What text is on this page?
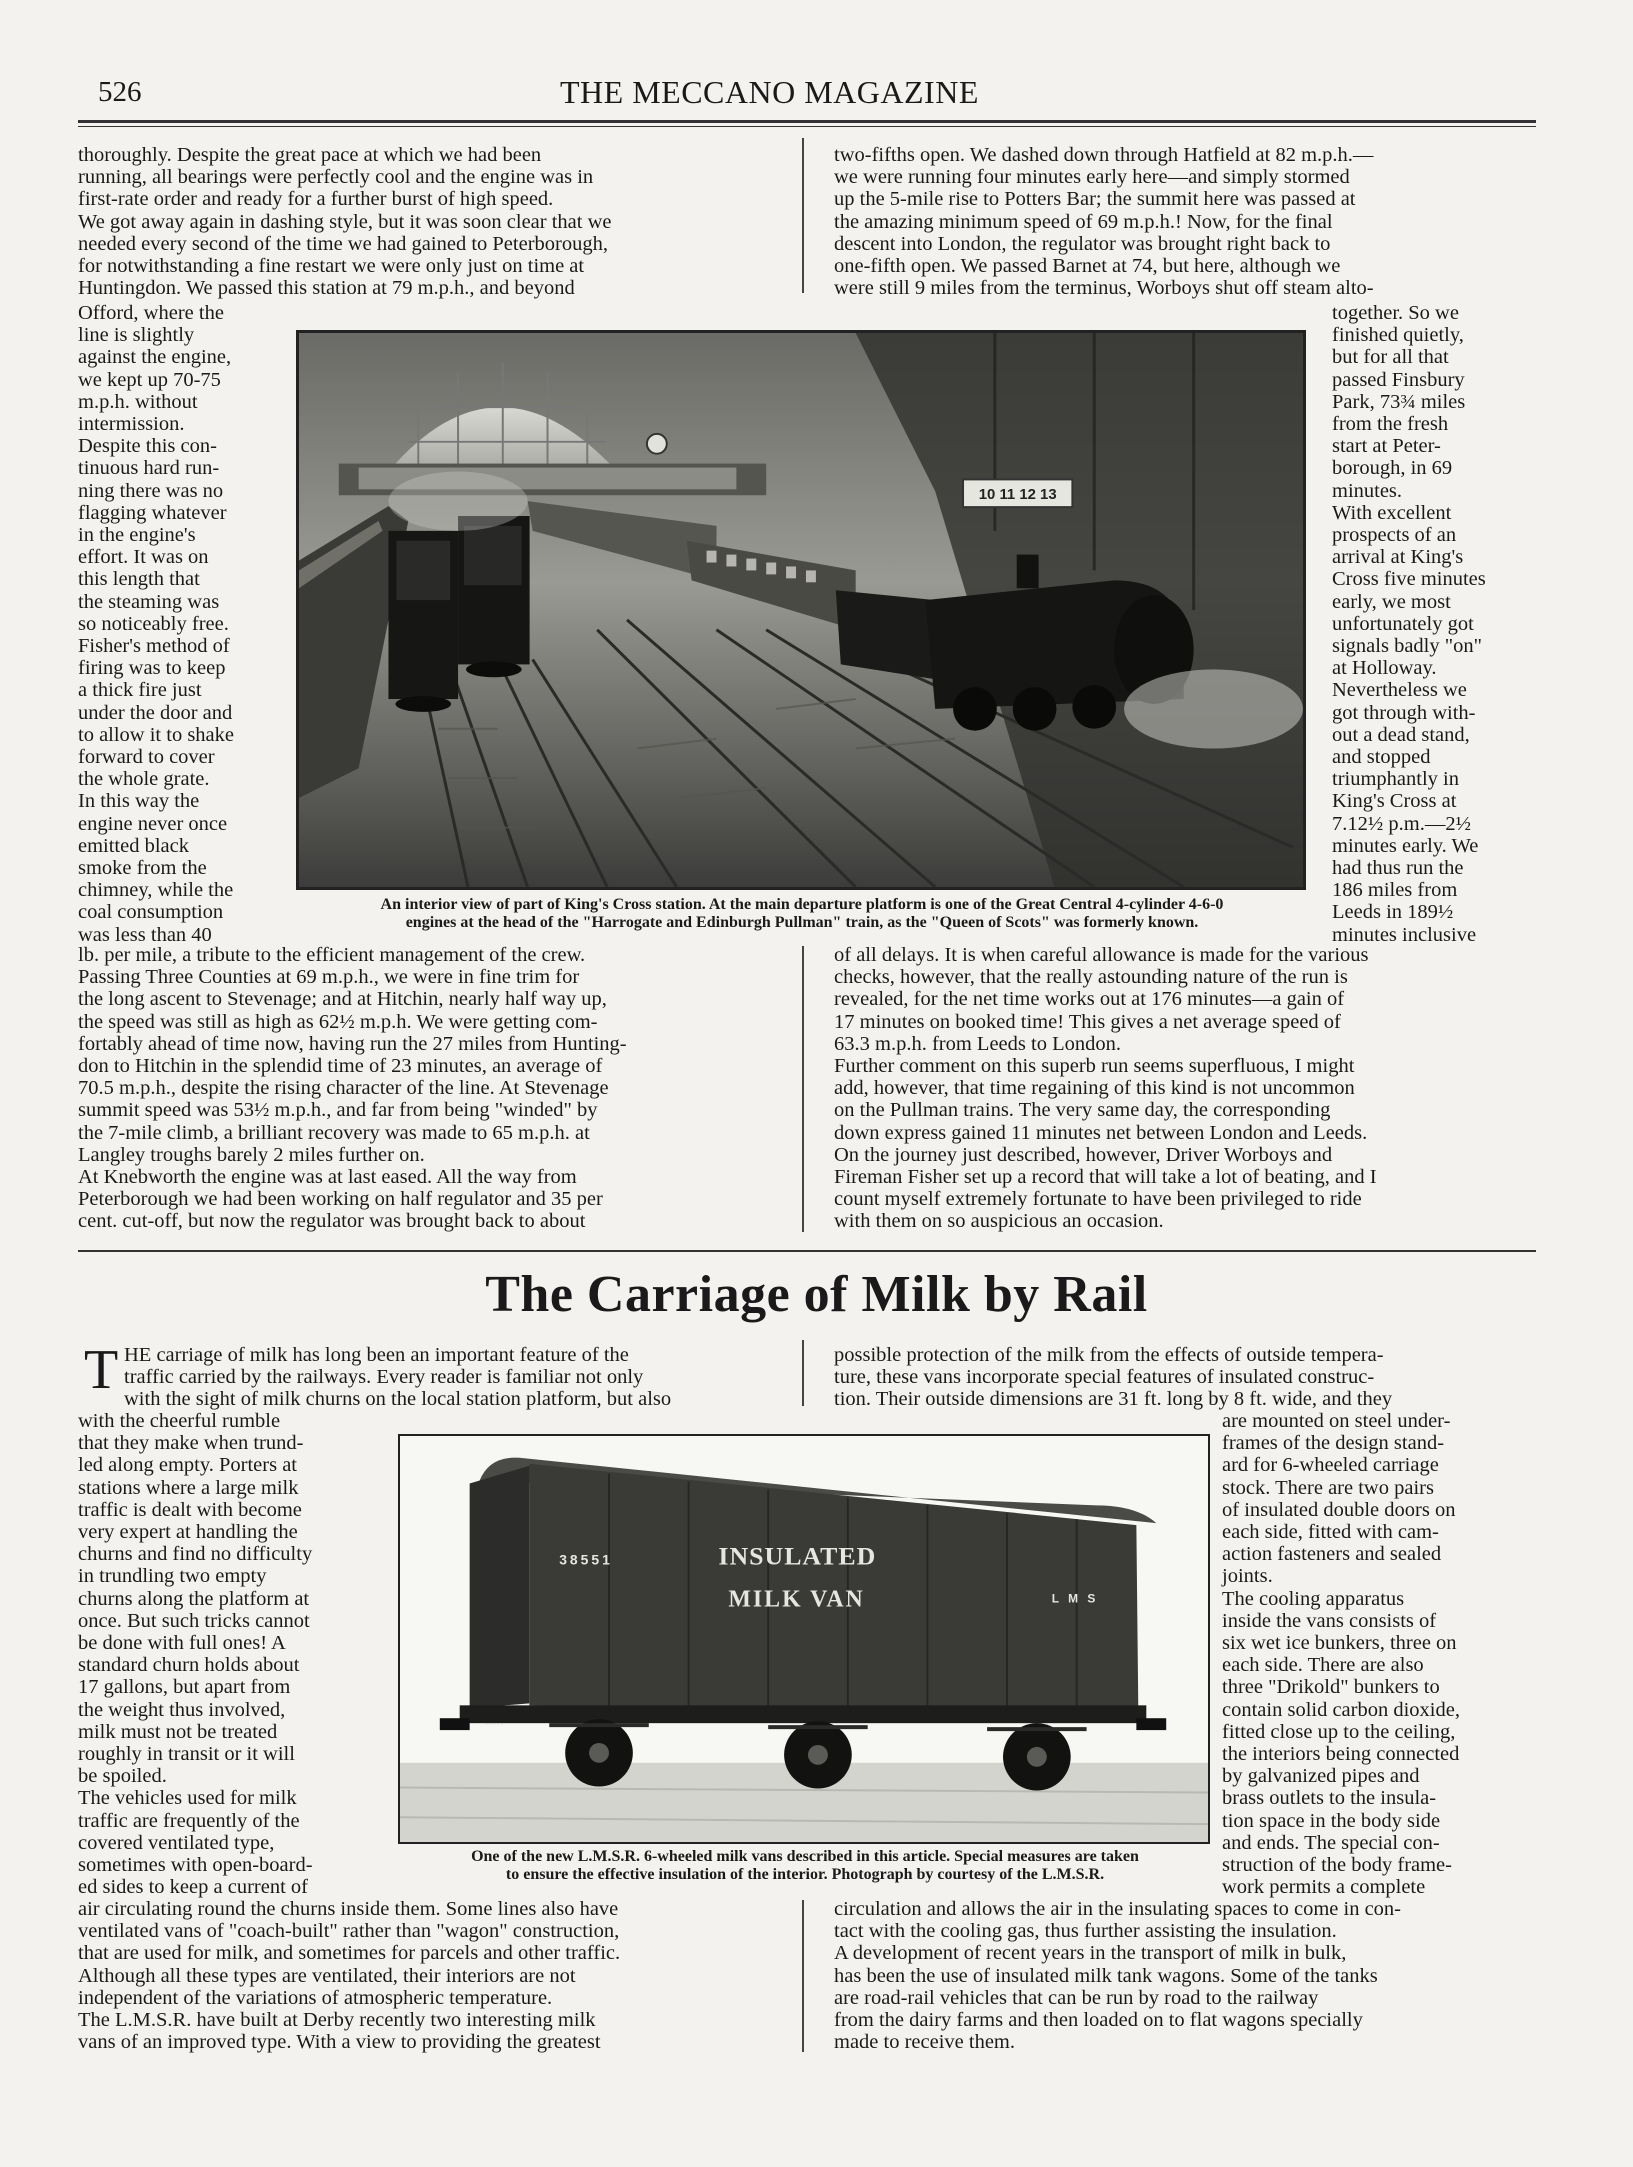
526	THE MECCANO MAGAZINE

thoroughly. Despite the great pace at which we had been
running, all bearings were perfectly cool and the engine was in
first-rate order and ready for a further burst of high speed.
We got away again in dashing style, but it was soon clear that we
needed every second of the time we had gained to Peterborough,
for notwithstanding a fine restart we were only just on time at
Huntingdon. We passed this station at 79 m.p.h., and beyond

two-fifths open. We dashed down through Hatfield at 82 m.p.h.—
we were running four minutes early here—and simply stormed
up the 5-mile rise to Potters Bar; the summit here was passed at
the amazing minimum speed of 69 m.p.h.! Now, for the final
descent into London, the regulator was brought right back to
one-fifth open. We passed Barnet at 74, but here, although we
were still 9 miles from the terminus, Worboys shut off steam alto-

Offord, where the
line is slightly
against the engine,
we kept up 70-75
m.p.h. without
intermission.
Despite this con-
tinuous hard run-
ning there was no
flagging whatever
in the engine's
effort. It was on
this length that
the steaming was
so noticeably free.
Fisher's method of
firing was to keep
a thick fire just
under the door and
to allow it to shake
forward to cover
the whole grate.
In this way the
engine never once
emitted black
smoke from the
chimney, while the
coal consumption
was less than 40

together. So we
finished quietly,
but for all that
passed Finsbury
Park, 73¾ miles
from the fresh
start at Peter-
borough, in 69
minutes.
With excellent
prospects of an
arrival at King's
Cross five minutes
early, we most
unfortunately got
signals badly "on"
at Holloway.
Nevertheless we
got through with-
out a dead stand,
and stopped
triumphantly in
King's Cross at
7.12½ p.m.—2½
minutes early. We
had thus run the
186 miles from
Leeds in 189½
minutes inclusive

10 11 12 13

An interior view of part of King's Cross station. At the main departure platform is one of the Great Central 4-cylinder 4-6-0
engines at the head of the "Harrogate and Edinburgh Pullman" train, as the "Queen of Scots" was formerly known.

lb. per mile, a tribute to the efficient management of the crew.
Passing Three Counties at 69 m.p.h., we were in fine trim for
the long ascent to Stevenage; and at Hitchin, nearly half way up,
the speed was still as high as 62½ m.p.h. We were getting com-
fortably ahead of time now, having run the 27 miles from Hunting-
don to Hitchin in the splendid time of 23 minutes, an average of
70.5 m.p.h., despite the rising character of the line. At Stevenage
summit speed was 53½ m.p.h., and far from being "winded" by
the 7-mile climb, a brilliant recovery was made to 65 m.p.h. at
Langley troughs barely 2 miles further on.
At Knebworth the engine was at last eased. All the way from
Peterborough we had been working on half regulator and 35 per
cent. cut-off, but now the regulator was brought back to about

of all delays. It is when careful allowance is made for the various
checks, however, that the really astounding nature of the run is
revealed, for the net time works out at 176 minutes—a gain of
17 minutes on booked time! This gives a net average speed of
63.3 m.p.h. from Leeds to London.
Further comment on this superb run seems superfluous, I might
add, however, that time regaining of this kind is not uncommon
on the Pullman trains. The very same day, the corresponding
down express gained 11 minutes net between London and Leeds.
On the journey just described, however, Driver Worboys and
Fireman Fisher set up a record that will take a lot of beating, and I
count myself extremely fortunate to have been privileged to ride
with them on so auspicious an occasion.

The Carriage of Milk by Rail
T HE carriage of milk has long been an important feature of the
traffic carried by the railways. Every reader is familiar not only
with the sight of milk churns on the local station platform, but also

possible protection of the milk from the effects of outside tempera-
ture, these vans incorporate special features of insulated construc-
tion. Their outside dimensions are 31 ft. long by 8 ft. wide, and they

with the cheerful rumble
that they make when trund-
led along empty. Porters at
stations where a large milk
traffic is dealt with become
very expert at handling the
churns and find no difficulty
in trundling two empty
churns along the platform at
once. But such tricks cannot
be done with full ones! A
standard churn holds about
17 gallons, but apart from
the weight thus involved,
milk must not be treated
roughly in transit or it will
be spoiled.
The vehicles used for milk
traffic are frequently of the
covered ventilated type,
sometimes with open-board-
ed sides to keep a current of

are mounted on steel under-
frames of the design stand-
ard for 6-wheeled carriage
stock. There are two pairs
of insulated double doors on
each side, fitted with cam-
action fasteners and sealed
joints.
The cooling apparatus
inside the vans consists of
six wet ice bunkers, three on
each side. There are also
three "Drikold" bunkers to
contain solid carbon dioxide,
fitted close up to the ceiling,
the interiors being connected
by galvanized pipes and
brass outlets to the insula-
tion space in the body side
and ends. The special con-
struction of the body frame-
work permits a complete

38551	INSULATED
MILK VAN	L M S

One of the new L.M.S.R. 6-wheeled milk vans described in this article. Special measures are taken
to ensure the effective insulation of the interior. Photograph by courtesy of the L.M.S.R.

air circulating round the churns inside them. Some lines also have
ventilated vans of "coach-built" rather than "wagon" construction,
that are used for milk, and sometimes for parcels and other traffic.
Although all these types are ventilated, their interiors are not
independent of the variations of atmospheric temperature.
The L.M.S.R. have built at Derby recently two interesting milk
vans of an improved type. With a view to providing the greatest

circulation and allows the air in the insulating spaces to come in con-
tact with the cooling gas, thus further assisting the insulation.
A development of recent years in the transport of milk in bulk,
has been the use of insulated milk tank wagons. Some of the tanks
are road-rail vehicles that can be run by road to the railway
from the dairy farms and then loaded on to flat wagons specially
made to receive them.
